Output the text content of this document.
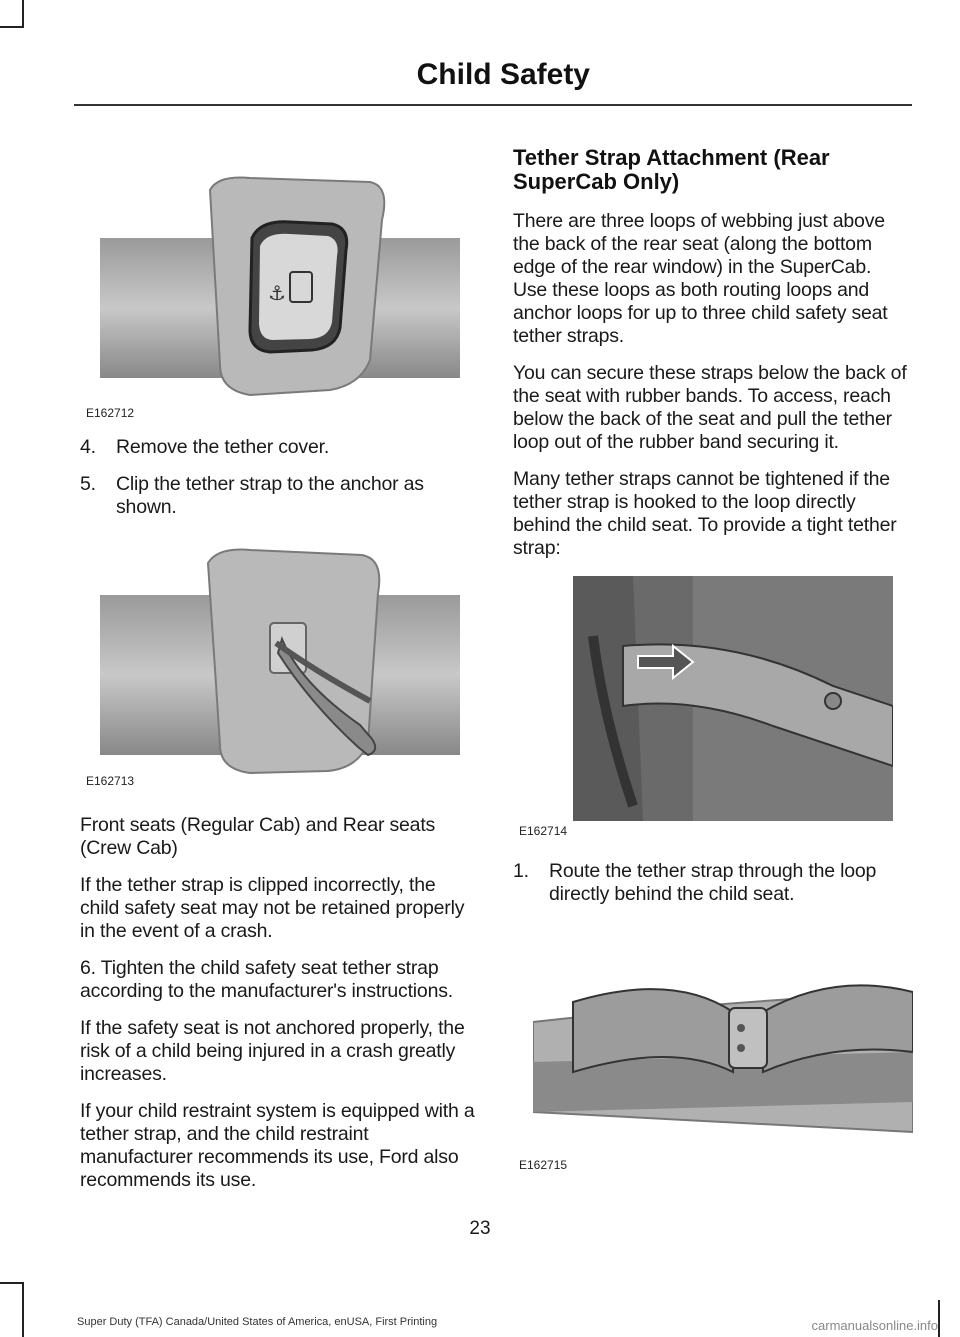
Child Safety
⚓
E162712

4. Remove the tether cover.

5. Clip the tether strap to the anchor as shown.

E162713

Front seats (Regular Cab) and Rear seats (Crew Cab)

If the tether strap is clipped incorrectly, the child safety seat may not be retained properly in the event of a crash.

6. Tighten the child safety seat tether strap according to the manufacturer's instructions.

If the safety seat is not anchored properly, the risk of a child being injured in a crash greatly increases.

If your child restraint system is equipped with a tether strap, and the child restraint manufacturer recommends its use, Ford also recommends its use.

Tether Strap Attachment (Rear SuperCab Only)

There are three loops of webbing just above the back of the rear seat (along the bottom edge of the rear window) in the SuperCab. Use these loops as both routing loops and anchor loops for up to three child safety seat tether straps.

You can secure these straps below the back of the seat with rubber bands. To access, reach below the back of the seat and pull the tether loop out of the rubber band securing it.

Many tether straps cannot be tightened if the tether strap is hooked to the loop directly behind the child seat. To provide a tight tether strap:

E162714

1. Route the tether strap through the loop directly behind the child seat.

E162715
23
Super Duty (TFA) Canada/United States of America, enUSA, First Printing	carmanualsonline.info
